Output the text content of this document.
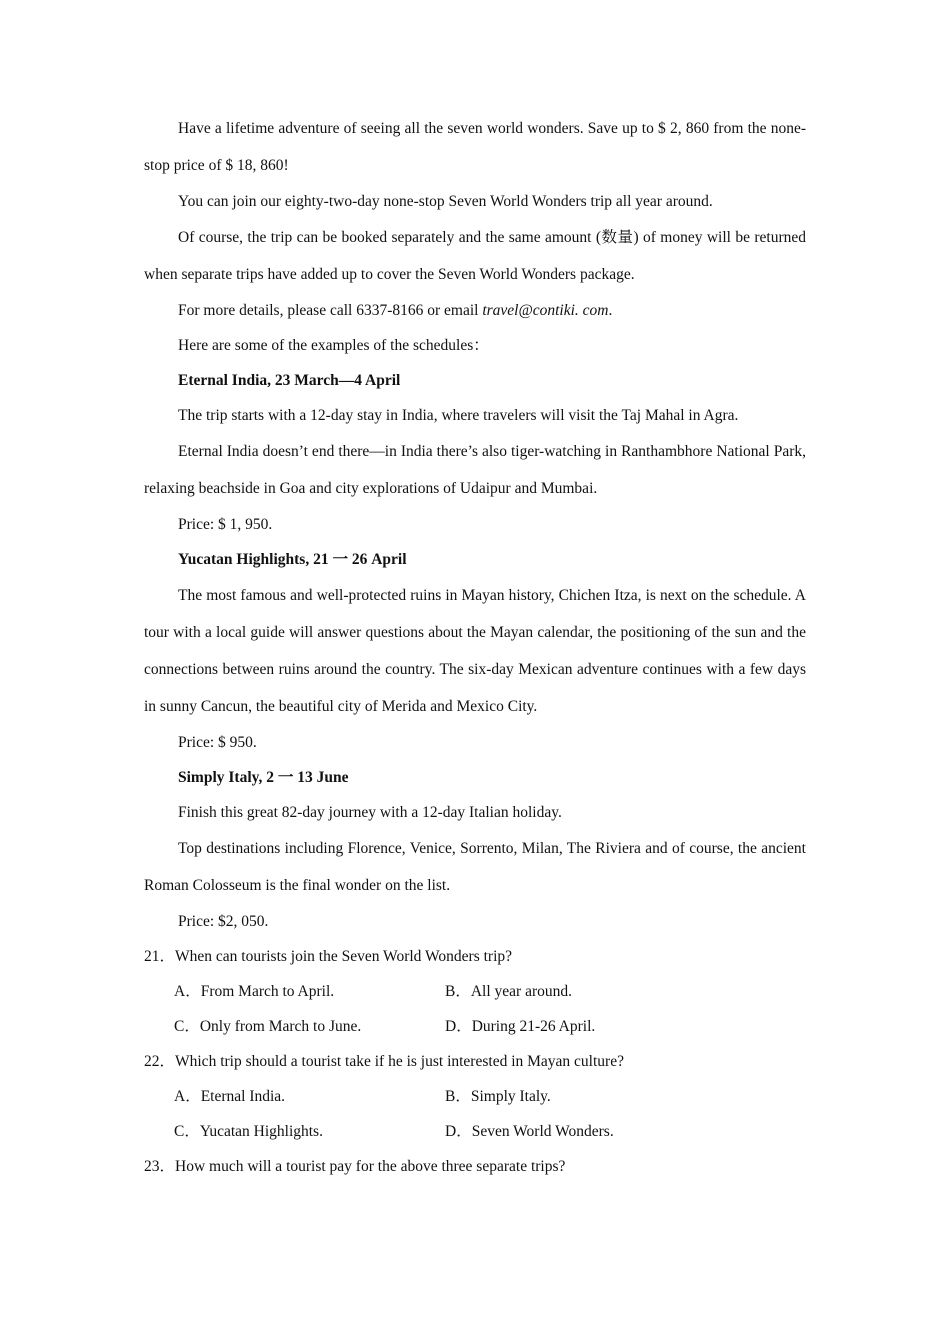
Have a lifetime adventure of seeing all the seven world wonders. Save up to $ 2, 860 from the none-stop price of $ 18, 860!

You can join our eighty-two-day none-stop Seven World Wonders trip all year around.

Of course, the trip can be booked separately and the same amount (数量) of money will be returned when separate trips have added up to cover the Seven World Wonders package.

For more details, please call 6337-8166 or email travel@contiki. com.

Here are some of the examples of the schedules：

Eternal India, 23 March—4 April

The trip starts with a 12-day stay in India, where travelers will visit the Taj Mahal in Agra.

Eternal India doesn’t end there—in India there’s also tiger-watching in Ranthambhore National Park, relaxing beachside in Goa and city explorations of Udaipur and Mumbai.

Price: $ 1, 950.

Yucatan Highlights, 21 一 26 April

The most famous and well-protected ruins in Mayan history, Chichen Itza, is next on the schedule. A tour with a local guide will answer questions about the Mayan calendar, the positioning of the sun and the connections between ruins around the country. The six-day Mexican adventure continues with a few days in sunny Cancun, the beautiful city of Merida and Mexico City.

Price: $ 950.

Simply Italy, 2 一 13 June

Finish this great 82-day journey with a 12-day Italian holiday.

Top destinations including Florence, Venice, Sorrento, Milan, The Riviera and of course, the ancient Roman Colosseum is the final wonder on the list.

Price: $2, 050.

21．When can tourists join the Seven World Wonders trip?

A．From March to April.	B．All year around.
C．Only from March to June.	D．During 21-26 April.

22．Which trip should a tourist take if he is just interested in Mayan culture?

A．Eternal India.	B．Simply Italy.
C．Yucatan Highlights.	D．Seven World Wonders.

23．How much will a tourist pay for the above three separate trips?
